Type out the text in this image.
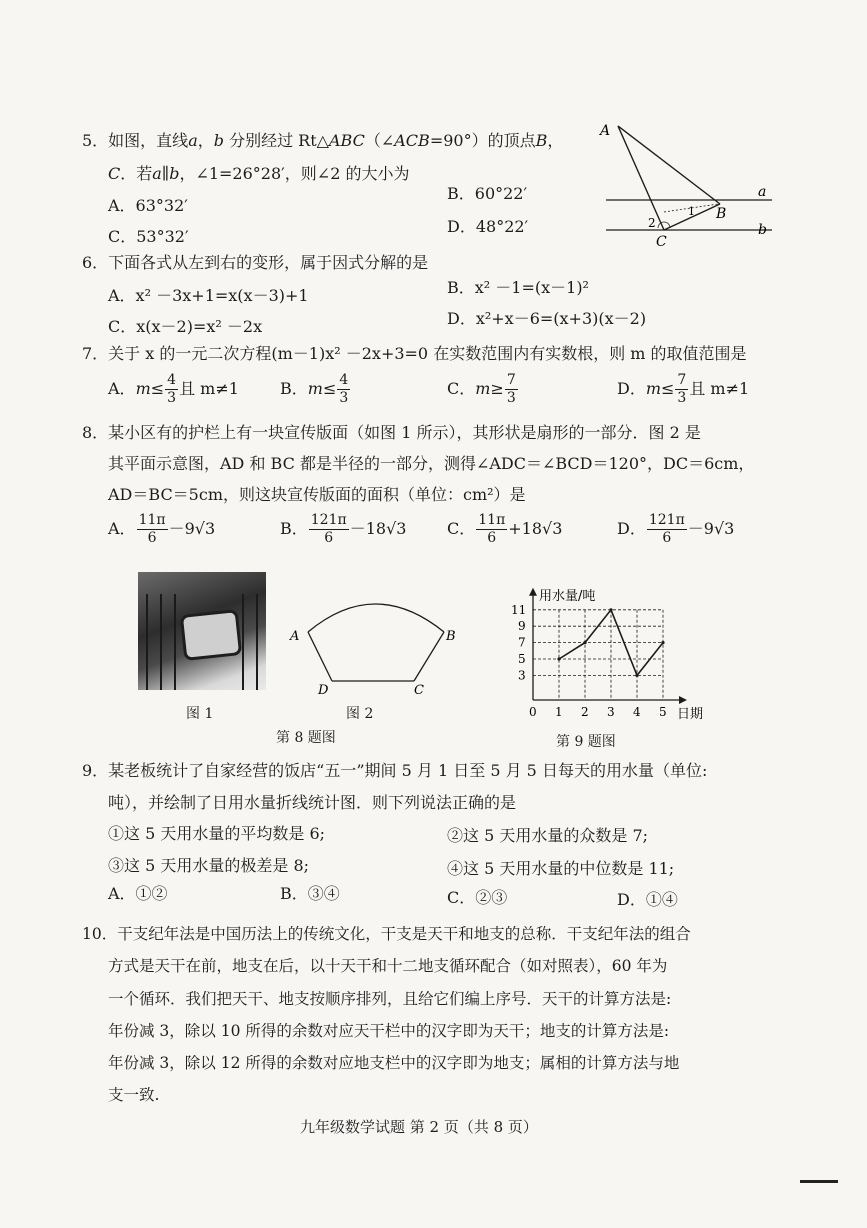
5．如图，直线a，b 分别经过 Rt△ABC（∠ACB=90°）的顶点B，
C．若a∥b，∠1=26°28′，则∠2 的大小为
A．63°32′
B．60°22′
C．53°32′
D．48°22′
A
B
C
a
b
1
2
6．下面各式从左到右的变形，属于因式分解的是
A．x² －3x+1=x(x－3)+1	B．x² －1=(x－1)²
C．x(x－2)=x² －2x	D．x²+x－6=(x+3)(x－2)
7．关于 x 的一元二次方程(m－1)x² －2x+3=0 在实数范围内有实数根，则 m 的取值范围是
A．$m\le \frac{4}{3}$ 且 m≠1	B．$m\le \frac{4}{3}$	C．$m\ge \frac{7}{3}$	D．$m\le \frac{7}{3}$ 且 m≠1
8．某小区有的护栏上有一块宣传版面（如图 1 所示），其形状是扇形的一部分．图 2 是
其平面示意图，AD 和 BC 都是半径的一部分，测得∠ADC＝∠BCD＝120°，DC＝6cm，
AD＝BC＝5cm，则这块宣传版面的面积（单位：cm²）是
A． $\frac{11\pi}{6} -9√3$	B． $\frac{121\pi}{6} -18√3$	C． $\frac{11\pi}{6} +18√3$	D． $\frac{121\pi}{6} -9√3$
图 1
A	B
D	C
图 2
第 8 题图
0 1 2 3 4 5
3
5
7
9
11
用水量/吨
日期
第 9 题图
9．某老板统计了自家经营的饭店“五一”期间 5 月 1 日至 5 月 5 日每天的用水量（单位:
吨），并绘制了日用水量折线统计图．则下列说法正确的是
①这 5 天用水量的平均数是 6;	②这 5 天用水量的众数是 7;
③这 5 天用水量的极差是 8;	④这 5 天用水量的中位数是 11;
A．①②	B．③④	C．②③	D．①④
10．干支纪年法是中国历法上的传统文化，干支是天干和地支的总称．干支纪年法的组合
方式是天干在前，地支在后，以十天干和十二地支循环配合（如对照表），60 年为
一个循环．我们把天干、地支按顺序排列，且给它们编上序号．天干的计算方法是:
年份减 3，除以 10 所得的余数对应天干栏中的汉字即为天干；地支的计算方法是:
年份减 3，除以 12 所得的余数对应地支栏中的汉字即为地支；属相的计算方法与地
支一致.
九年级数学试题 第 2 页（共 8 页）
